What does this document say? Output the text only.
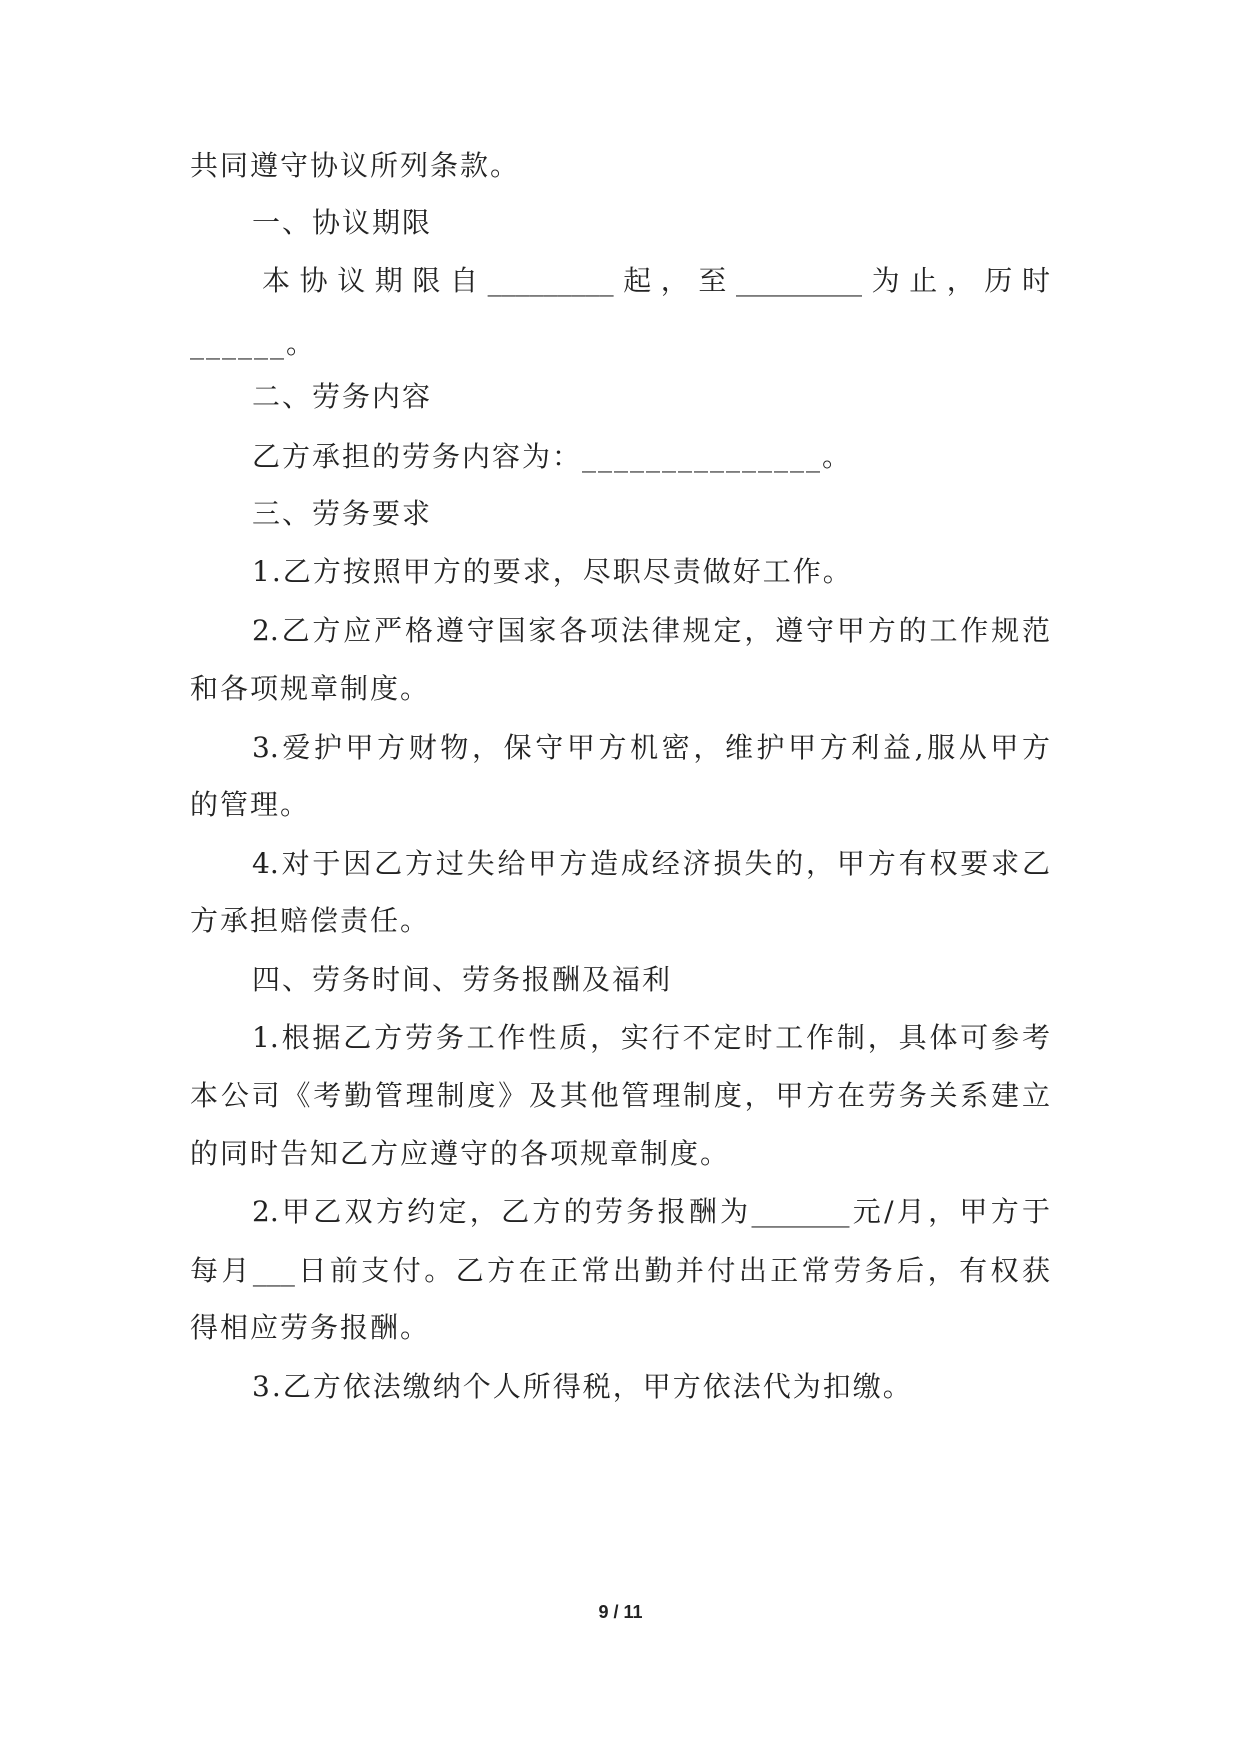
共同遵守协议所列条款。
一、协议期限
本协议期限自_________起，至_________为止，历时
______。
二、劳务内容
乙方承担的劳务内容为：_______________。
三、劳务要求
1.乙方按照甲方的要求，尽职尽责做好工作。
2.乙方应严格遵守国家各项法律规定，遵守甲方的工作规范
和各项规章制度。
3.爱护甲方财物，保守甲方机密，维护甲方利益,服从甲方
的管理。
4.对于因乙方过失给甲方造成经济损失的，甲方有权要求乙
方承担赔偿责任。
四、劳务时间、劳务报酬及福利
1.根据乙方劳务工作性质，实行不定时工作制，具体可参考
本公司《考勤管理制度》及其他管理制度，甲方在劳务关系建立
的同时告知乙方应遵守的各项规章制度。
2.甲乙双方约定，乙方的劳务报酬为_______元/月，甲方于
每月___日前支付。乙方在正常出勤并付出正常劳务后，有权获
得相应劳务报酬。
3.乙方依法缴纳个人所得税，甲方依法代为扣缴。
9 / 11
